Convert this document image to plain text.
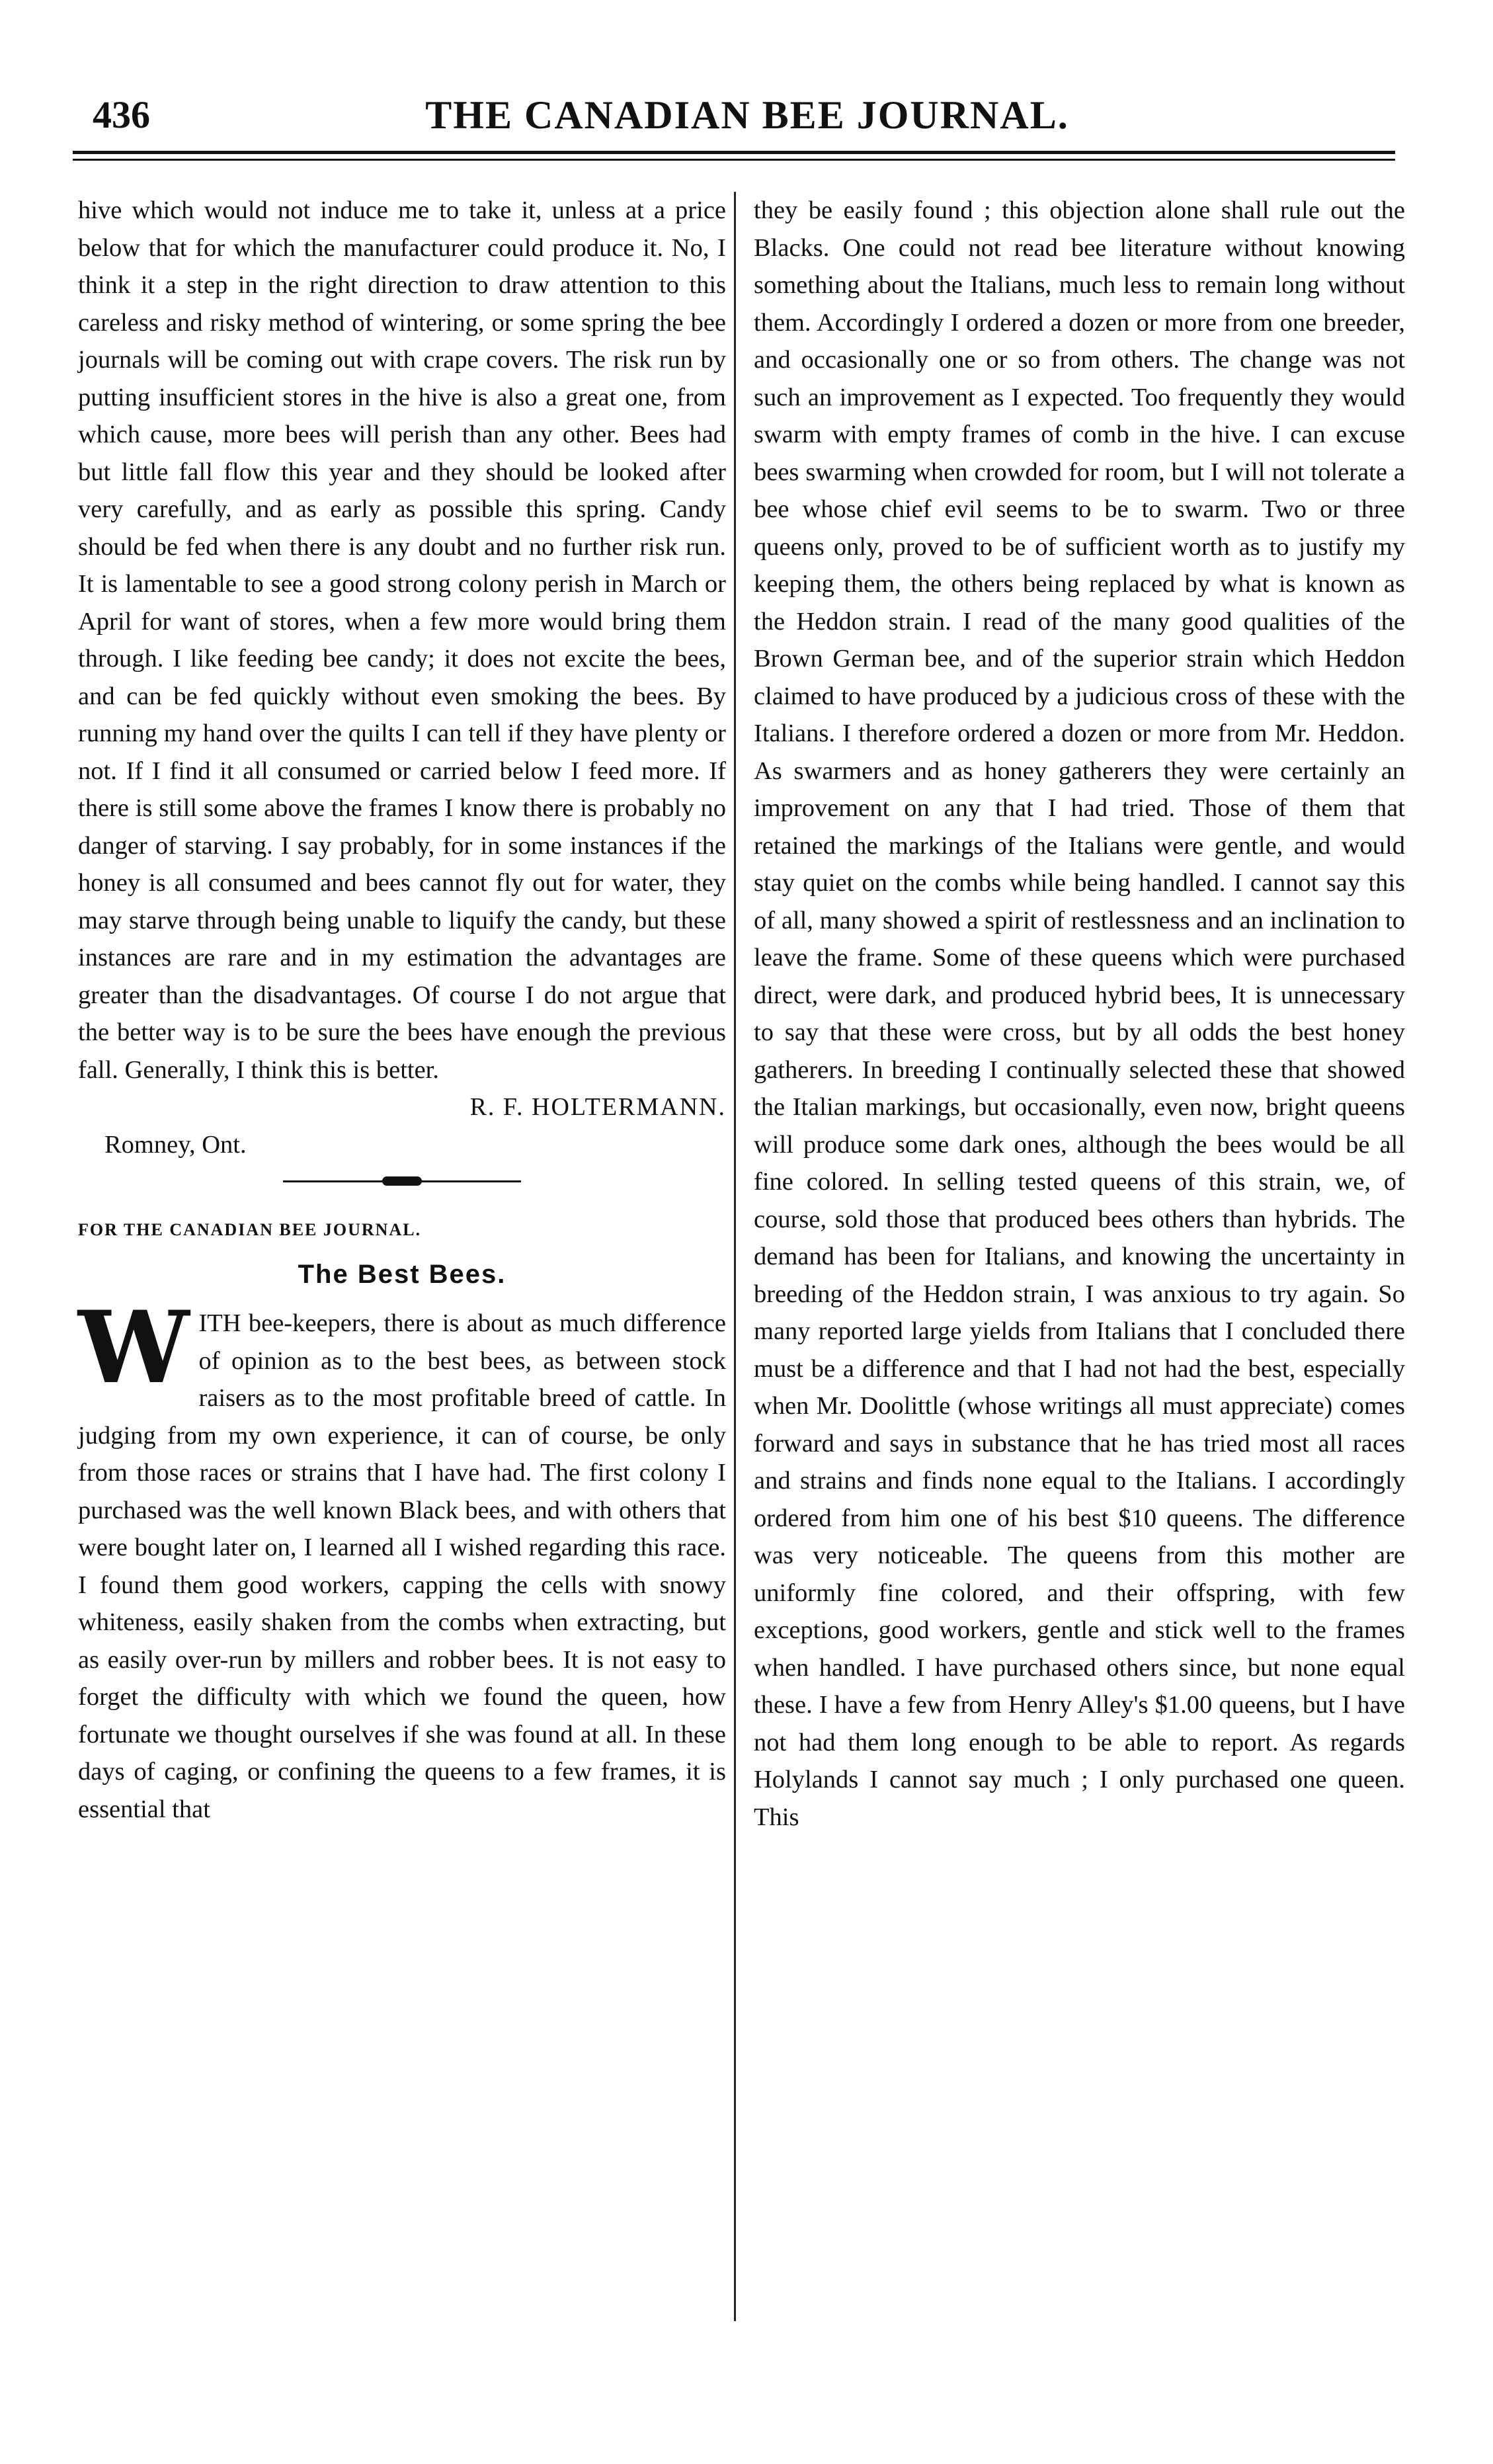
436	THE CANADIAN BEE JOURNAL.

hive which would not induce me to take it, unless at a price below that for which the manufacturer could produce it. No, I think it a step in the right direction to draw attention to this careless and risky method of wintering, or some spring the bee journals will be coming out with crape covers. The risk run by putting insufficient stores in the hive is also a great one, from which cause, more bees will perish than any other. Bees had but little fall flow this year and they should be looked after very carefully, and as early as possible this spring. Candy should be fed when there is any doubt and no further risk run. It is lamentable to see a good strong colony perish in March or April for want of stores, when a few more would bring them through. I like feeding bee candy; it does not excite the bees, and can be fed quickly without even smoking the bees. By running my hand over the quilts I can tell if they have plenty or not. If I find it all consumed or carried below I feed more. If there is still some above the frames I know there is probably no danger of starving. I say probably, for in some instances if the honey is all consumed and bees cannot fly out for water, they may starve through being unable to liquify the candy, but these instances are rare and in my estimation the advantages are greater than the disadvantages. Of course I do not argue that the better way is to be sure the bees have enough the previous fall. Generally, I think this is better.

R. F. HOLTERMANN.

Romney, Ont.

FOR THE CANADIAN BEE JOURNAL.

The Best Bees.

WITH bee-keepers, there is about as much difference of opinion as to the best bees, as between stock raisers as to the most profitable breed of cattle. In judging from my own experience, it can of course, be only from those races or strains that I have had. The first colony I purchased was the well known Black bees, and with others that were bought later on, I learned all I wished regarding this race. I found them good workers, capping the cells with snowy whiteness, easily shaken from the combs when extracting, but as easily over-run by millers and robber bees. It is not easy to forget the difficulty with which we found the queen, how fortunate we thought ourselves if she was found at all. In these days of caging, or confining the queens to a few frames, it is essential that

they be easily found ; this objection alone shall rule out the Blacks. One could not read bee literature without knowing something about the Italians, much less to remain long without them. Accordingly I ordered a dozen or more from one breeder, and occasionally one or so from others. The change was not such an improvement as I expected. Too frequently they would swarm with empty frames of comb in the hive. I can excuse bees swarming when crowded for room, but I will not tolerate a bee whose chief evil seems to be to swarm. Two or three queens only, proved to be of sufficient worth as to justify my keeping them, the others being replaced by what is known as the Heddon strain. I read of the many good qualities of the Brown German bee, and of the superior strain which Heddon claimed to have produced by a judicious cross of these with the Italians. I therefore ordered a dozen or more from Mr. Heddon. As swarmers and as honey gatherers they were certainly an improvement on any that I had tried. Those of them that retained the markings of the Italians were gentle, and would stay quiet on the combs while being handled. I cannot say this of all, many showed a spirit of restlessness and an inclination to leave the frame. Some of these queens which were purchased direct, were dark, and produced hybrid bees, It is unnecessary to say that these were cross, but by all odds the best honey gatherers. In breeding I continually selected these that showed the Italian markings, but occasionally, even now, bright queens will produce some dark ones, although the bees would be all fine colored. In selling tested queens of this strain, we, of course, sold those that produced bees others than hybrids. The demand has been for Italians, and knowing the uncertainty in breeding of the Heddon strain, I was anxious to try again. So many reported large yields from Italians that I concluded there must be a difference and that I had not had the best, especially when Mr. Doolittle (whose writings all must appreciate) comes forward and says in substance that he has tried most all races and strains and finds none equal to the Italians. I accordingly ordered from him one of his best $10 queens. The difference was very noticeable. The queens from this mother are uniformly fine colored, and their offspring, with few exceptions, good workers, gentle and stick well to the frames when handled. I have purchased others since, but none equal these. I have a few from Henry Alley's $1.00 queens, but I have not had them long enough to be able to report. As regards Holylands I cannot say much ; I only purchased one queen. This
